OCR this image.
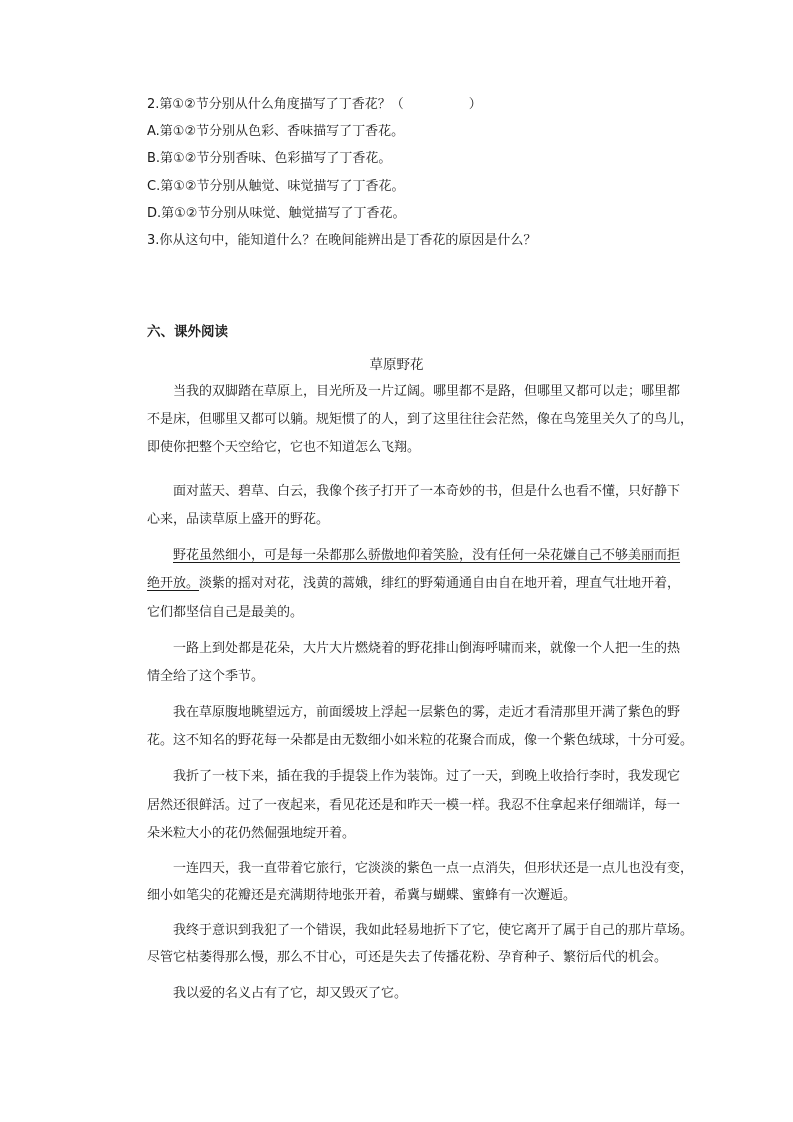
2.第①②节分别从什么角度描写了丁香花？（　　　　　）
A.第①②节分别从色彩、香味描写了丁香花。
B.第①②节分别香味、色彩描写了丁香花。
C.第①②节分别从触觉、味觉描写了丁香花。
D.第①②节分别从味觉、触觉描写了丁香花。
3.你从这句中，能知道什么？在晚间能辨出是丁香花的原因是什么？
六、课外阅读
草原野花
　　当我的双脚踏在草原上，目光所及一片辽阔。哪里都不是路，但哪里又都可以走；哪里都
不是床，但哪里又都可以躺。规矩惯了的人，到了这里往往会茫然，像在鸟笼里关久了的鸟儿，
即使你把整个天空给它，它也不知道怎么飞翔。
　　面对蓝天、碧草、白云，我像个孩子打开了一本奇妙的书，但是什么也看不懂，只好静下
心来，品读草原上盛开的野花。
野花虽然细小，可是每一朵都那么骄傲地仰着笑脸，没有任何一朵花嫌自己不够美丽而拒
绝开放。淡紫的摇对对花，浅黄的蒿娥，绯红的野菊通通自由自在地开着，理直气壮地开着，
它们都坚信自己是最美的。
　　一路上到处都是花朵，大片大片燃烧着的野花排山倒海呼啸而来，就像一个人把一生的热
情全给了这个季节。
　　我在草原腹地眺望远方，前面缓坡上浮起一层紫色的雾，走近才看清那里开满了紫色的野
花。这不知名的野花每一朵都是由无数细小如米粒的花聚合而成，像一个紫色绒球，十分可爱。
　　我折了一枝下来，插在我的手提袋上作为装饰。过了一天，到晚上收拾行李时，我发现它
居然还很鲜活。过了一夜起来，看见花还是和昨天一模一样。我忍不住拿起来仔细端详，每一
朵米粒大小的花仍然倔强地绽开着。
　　一连四天，我一直带着它旅行，它淡淡的紫色一点一点消失，但形状还是一点儿也没有变，
细小如笔尖的花瓣还是充满期待地张开着，希冀与蝴蝶、蜜蜂有一次邂逅。
　　我终于意识到我犯了一个错误，我如此轻易地折下了它，使它离开了属于自己的那片草场。
尽管它枯萎得那么慢，那么不甘心，可还是失去了传播花粉、孕育种子、繁衍后代的机会。
　　我以爱的名义占有了它，却又毁灭了它。
